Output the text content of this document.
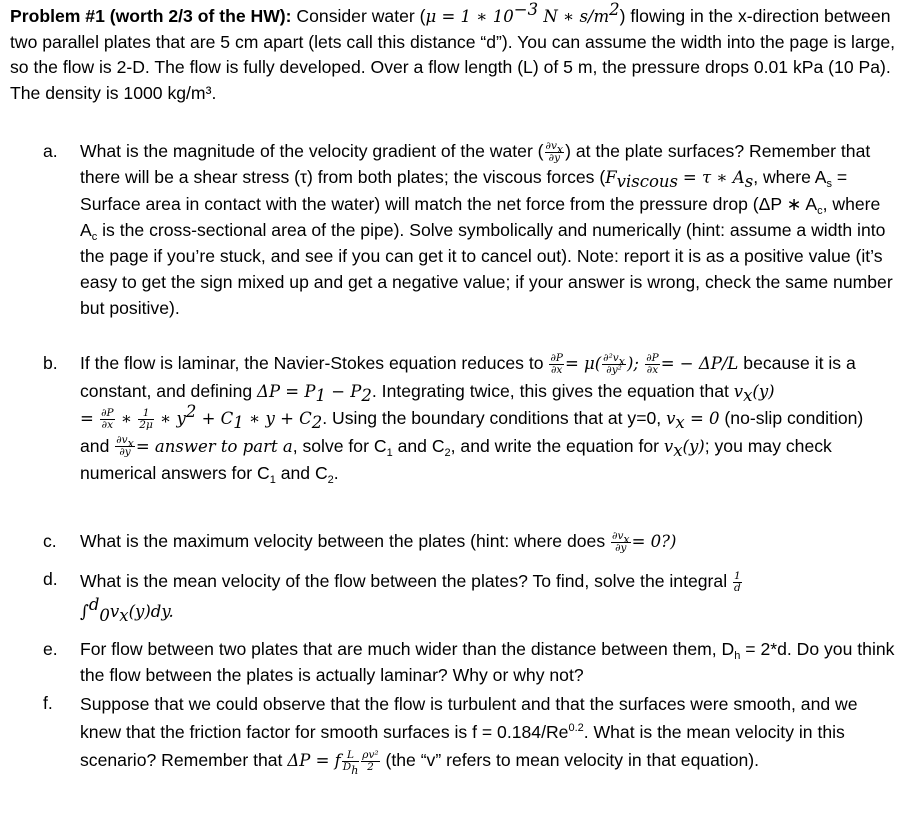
Problem #1 (worth 2/3 of the HW): Consider water (μ = 1 ∗ $10^{-3}$ N ∗ $s/m^2$) flowing in the x-direction between two parallel plates that are 5 cm apart (lets call this distance “d”). You can assume the width into the page is large, so the flow is 2-D. The flow is fully developed. Over a flow length (L) of 5 m, the pressure drops 0.01 kPa (10 Pa). The density is 1000 kg/m³.
a.	What is the magnitude of the velocity gradient of the water ( $\frac{\partial v_x}{\partial y}$ ) at the plate surfaces? Remember that there will be a shear stress (τ) from both plates; the viscous forces ($F_{viscous} = \tau$ ∗ $A_s$, where $A_s$ = Surface area in contact with the water) will match the net force from the pressure drop (ΔP ∗ $A_c$, where $A_c$ is the cross-sectional area of the pipe). Solve symbolically and numerically (hint: assume a width into the page if you’re stuck, and see if you can get it to cancel out). Note: report it is as a positive value (it’s easy to get the sign mixed up and get a negative value; if your answer is wrong, check the same number but positive).
b.	If the flow is laminar, the Navier-Stokes equation reduces to $\frac{\partial P}{\partial x} = \mu( \frac{\partial^2v_x}{\text{∂y²}}$ ); $\frac{\partial P}{\partial x}$ = − ΔP/L because it is a constant, and defining $\Delta P = P_1 - P_2$. Integrating twice, this gives the equation that $v_x(y)$
= $\frac{\partial P}{\partial x}$ ∗ $\frac{1}{2\mu}$ ∗ $y^2 + C_1$ ∗ $y + C_2$. Using the boundary conditions that at y=0, $v_x = 0$ (no-slip condition) and $\frac{\partial v_x}{\partial y}$ = answer to part a, solve for $C_1$ and $C_2$, and write the equation for $v_x(y)$; you may check numerical answers for $C_1$ and $C_2$.
c.	What is the maximum velocity between the plates (hint: where does $\frac{\partial v_x}{\partial y}$ = 0?)
d.	What is the mean velocity of the flow between the plates? To find, solve the integral $\frac{1}{d}$

$\int^d_0v_x(y)dy$.
e.	For flow between two plates that are much wider than the distance between them, $D_h = 2*d$. Do you think the flow between the plates is actually laminar? Why or why not?
f.	Suppose that we could observe that the flow is turbulent and that the surfaces were smooth, and we knew that the friction factor for smooth surfaces is $f = 0.184/Re^{0.2}$. What is the mean velocity in this scenario? Remember that ΔP = f $\frac{L}{D_h} \frac{\text{ρv²}}{2} (the$ “v” refers to mean velocity in that equation).
